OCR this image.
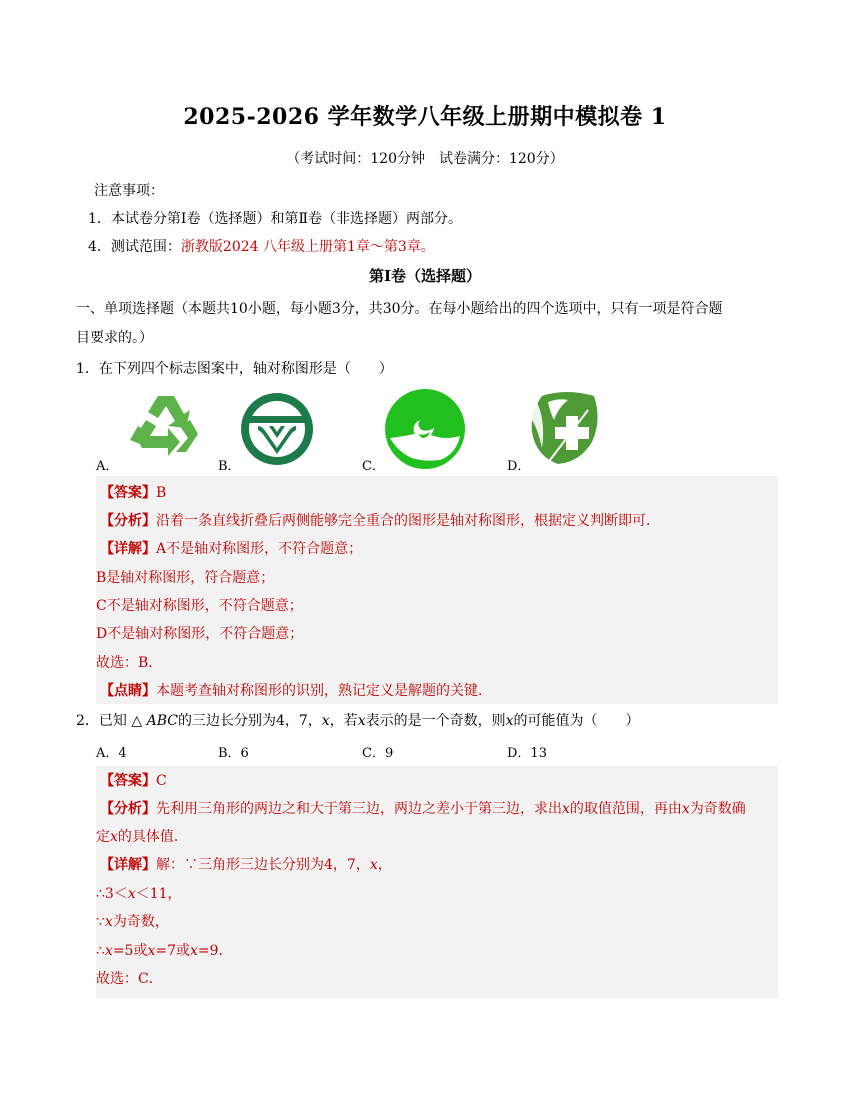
2025-2026 学年数学八年级上册期中模拟卷 1
（考试时间：120分钟　试卷满分：120分）
注意事项：
1．本试卷分第Ⅰ卷（选择题）和第Ⅱ卷（非选择题）两部分。
4．测试范围：浙教版2024 八年级上册第1章～第3章。
第Ⅰ卷（选择题）
一、单项选择题（本题共10小题，每小题3分，共30分。在每小题给出的四个选项中，只有一项是符合题
目要求的。）
1．在下列四个标志图案中，轴对称图形是（　　）
A．	B．	C．	D．
【答案】B
【分析】沿着一条直线折叠后两侧能够完全重合的图形是轴对称图形，根据定义判断即可．
【详解】A不是轴对称图形，不符合题意；
B是轴对称图形，符合题意；
C不是轴对称图形，不符合题意；
D不是轴对称图形，不符合题意；
故选：B．
【点睛】本题考查轴对称图形的识别，熟记定义是解题的关键．
2．已知 △ ABC的三边长分别为4，7，x，若x表示的是一个奇数，则x的可能值为（　　）
A．4	B．6	C．9	D．13
【答案】C
【分析】先利用三角形的两边之和大于第三边，两边之差小于第三边，求出x的取值范围，再由x为奇数确
定x的具体值．
【详解】解：∵三角形三边长分别为4，7，x，
∴3＜x＜11，
∵x为奇数，
∴x=5或x=7或x=9．
故选：C．
